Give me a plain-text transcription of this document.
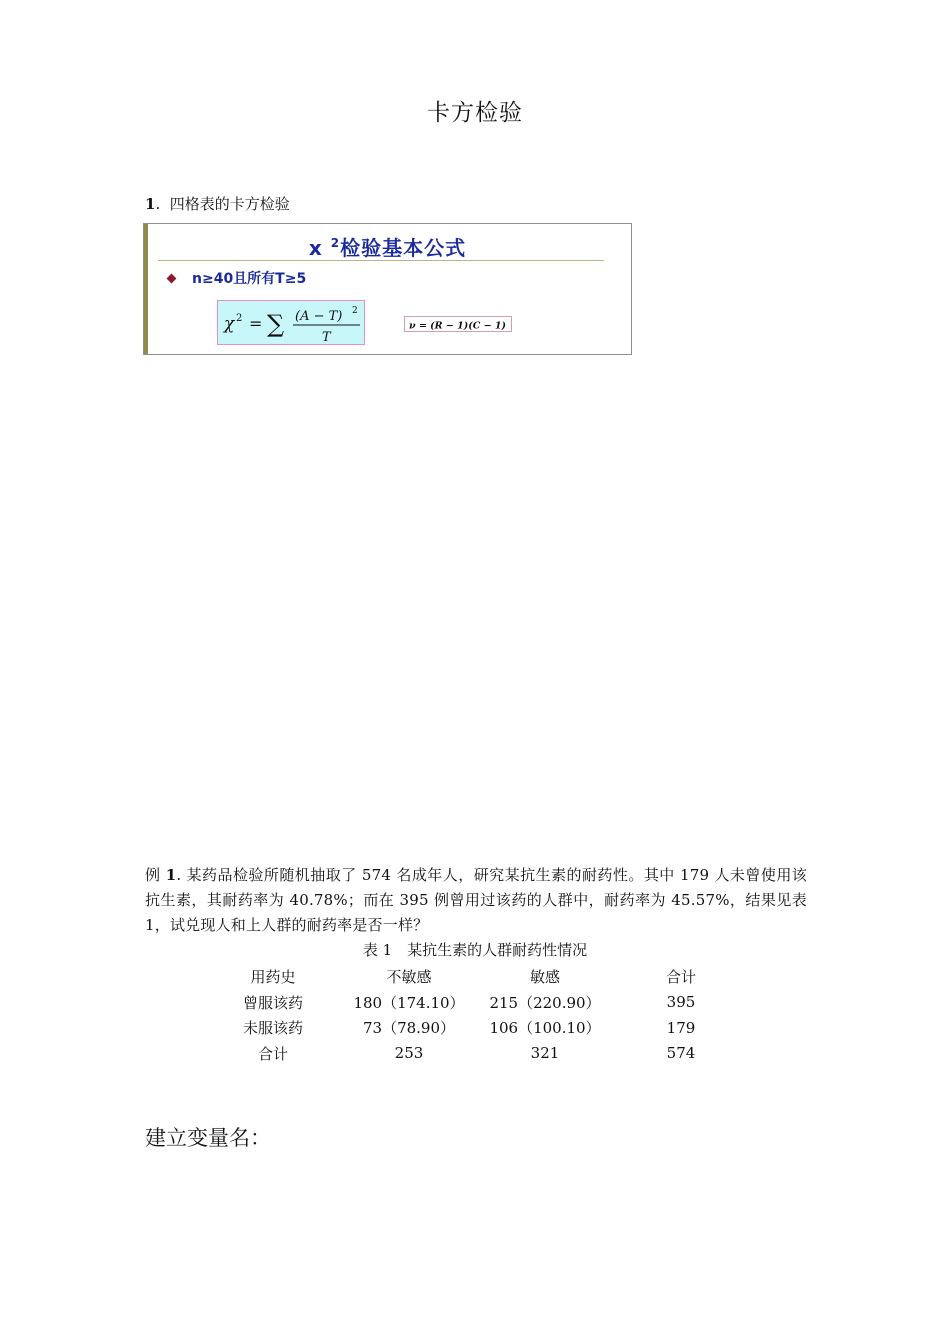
卡方检验
1. 四格表的卡方检验
x $^2$检验基本公式
n≥40且所有T≥5
χ 2 = ∑ (A − T) 2
T
ν = (R − 1)(C − 1)
例 1. 某药品检验所随机抽取了 574 名成年人，研究某抗生素的耐药性。其中 179 人未曾使用该抗生素，其耐药率为 40.78%；而在 395 例曾用过该药的人群中，耐药率为 45.57%，结果见表 1，试兑现人和上人群的耐药率是否一样？
表 1　某抗生素的人群耐药性情况
用药史	不敏感	敏感	合计
曾服该药	180（174.10）	215（220.90）	395
未服该药	73（78.90）	106（100.10）	179
合计	253	321	574
建立变量名：
